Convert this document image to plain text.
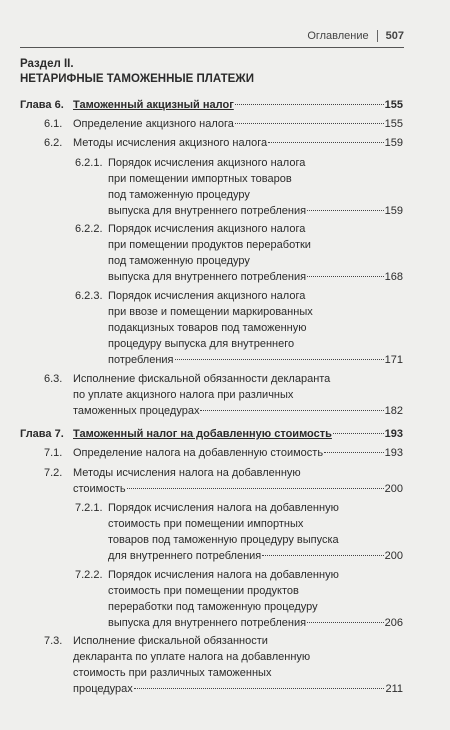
Оглавление 507
Раздел II.
НЕТАРИФНЫЕ ТАМОЖЕННЫЕ ПЛАТЕЖИ
Глава 6. Таможенный акцизный налог	155
6.1. Определение акцизного налога	155
6.2. Методы исчисления акцизного налога	159
6.2.1. Порядок исчисления акцизного налога
при помещении импортных товаров
под таможенную процедуру
выпуска для внутреннего потребления	159
6.2.2. Порядок исчисления акцизного налога
при помещении продуктов переработки
под таможенную процедуру
выпуска для внутреннего потребления	168
6.2.3. Порядок исчисления акцизного налога
при ввозе и помещении маркированных
подакцизных товаров под таможенную
процедуру выпуска для внутреннего
потребления	171
6.3. Исполнение фискальной обязанности декларанта
по уплате акцизного налога при различных
таможенных процедурах	182
Глава 7. Таможенный налог на добавленную стоимость	193
7.1. Определение налога на добавленную стоимость	193
7.2. Методы исчисления налога на добавленную
стоимость	200
7.2.1. Порядок исчисления налога на добавленную
стоимость при помещении импортных
товаров под таможенную процедуру выпуска
для внутреннего потребления	200
7.2.2. Порядок исчисления налога на добавленную
стоимость при помещении продуктов
переработки под таможенную процедуру
выпуска для внутреннего потребления	206
7.3. Исполнение фискальной обязанности
декларанта по уплате налога на добавленную
стоимость при различных таможенных
процедурах	211
